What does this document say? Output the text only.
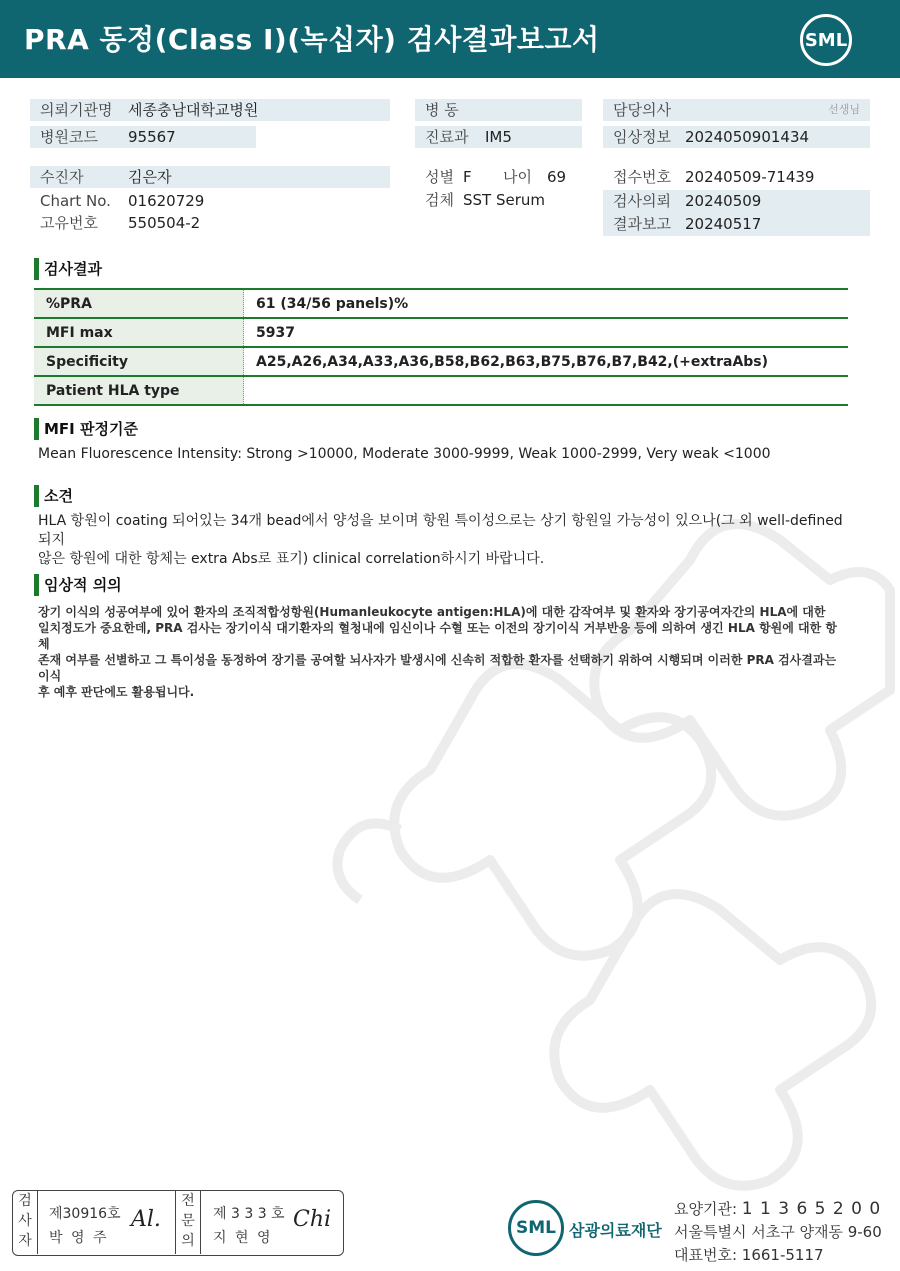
PRA 동정(Class I)(녹십자) 검사결과보고서	SML
의뢰기관명 세종충남대학교병원
병원코드 95567
수진자	김은자
Chart No. 01620729
고유번호 550504-2
병 동
진료과 IM5
성별 F 나이 69
검체 SST Serum
담당의사	선생님
임상정보 2024050901434
접수번호 20240509-71439
검사의뢰 20240509
결과보고 20240517
검사결과
%PRA	61 (34/56 panels)%
MFI max	5937
Specificity	A25,A26,A34,A33,A36,B58,B62,B63,B75,B76,B7,B42,(+extraAbs)
Patient HLA type	
MFI 판정기준
Mean Fluorescence Intensity: Strong >10000, Moderate 3000-9999, Weak 1000-2999, Very weak <1000
소견
HLA 항원이 coating 되어있는 34개 bead에서 양성을 보이며 항원 특이성으로는 상기 항원일 가능성이 있으나(그 외 well-defined 되지
않은 항원에 대한 항체는 extra Abs로 표기) clinical correlation하시기 바랍니다.
임상적 의의
장기 이식의 성공여부에 있어 환자의 조직적합성항원(Humanleukocyte antigen:HLA)에 대한 감작여부 및 환자와 장기공여자간의 HLA에 대한
일치정도가 중요한데, PRA 검사는 장기이식 대기환자의 혈청내에 임신이나 수혈 또는 이전의 장기이식 거부반응 등에 의하여 생긴 HLA 항원에 대한 항체
존재 여부를 선별하고 그 특이성을 동정하여 장기를 공여할 뇌사자가 발생시에 신속히 적합한 환자를 선택하기 위하여 시행되며 이러한 PRA 검사결과는 이식
후 예후 판단에도 활용됩니다.
검
사
자
제30916호
박 영 주
Al.
전
문
의
제 3 3 3 호
지 현 영
Chi	SML 삼광의료재단
요양기관: 1 1 3 6 5 2 0 0
서울특별시 서초구 양재동 9-60
대표번호: 1661-5117
